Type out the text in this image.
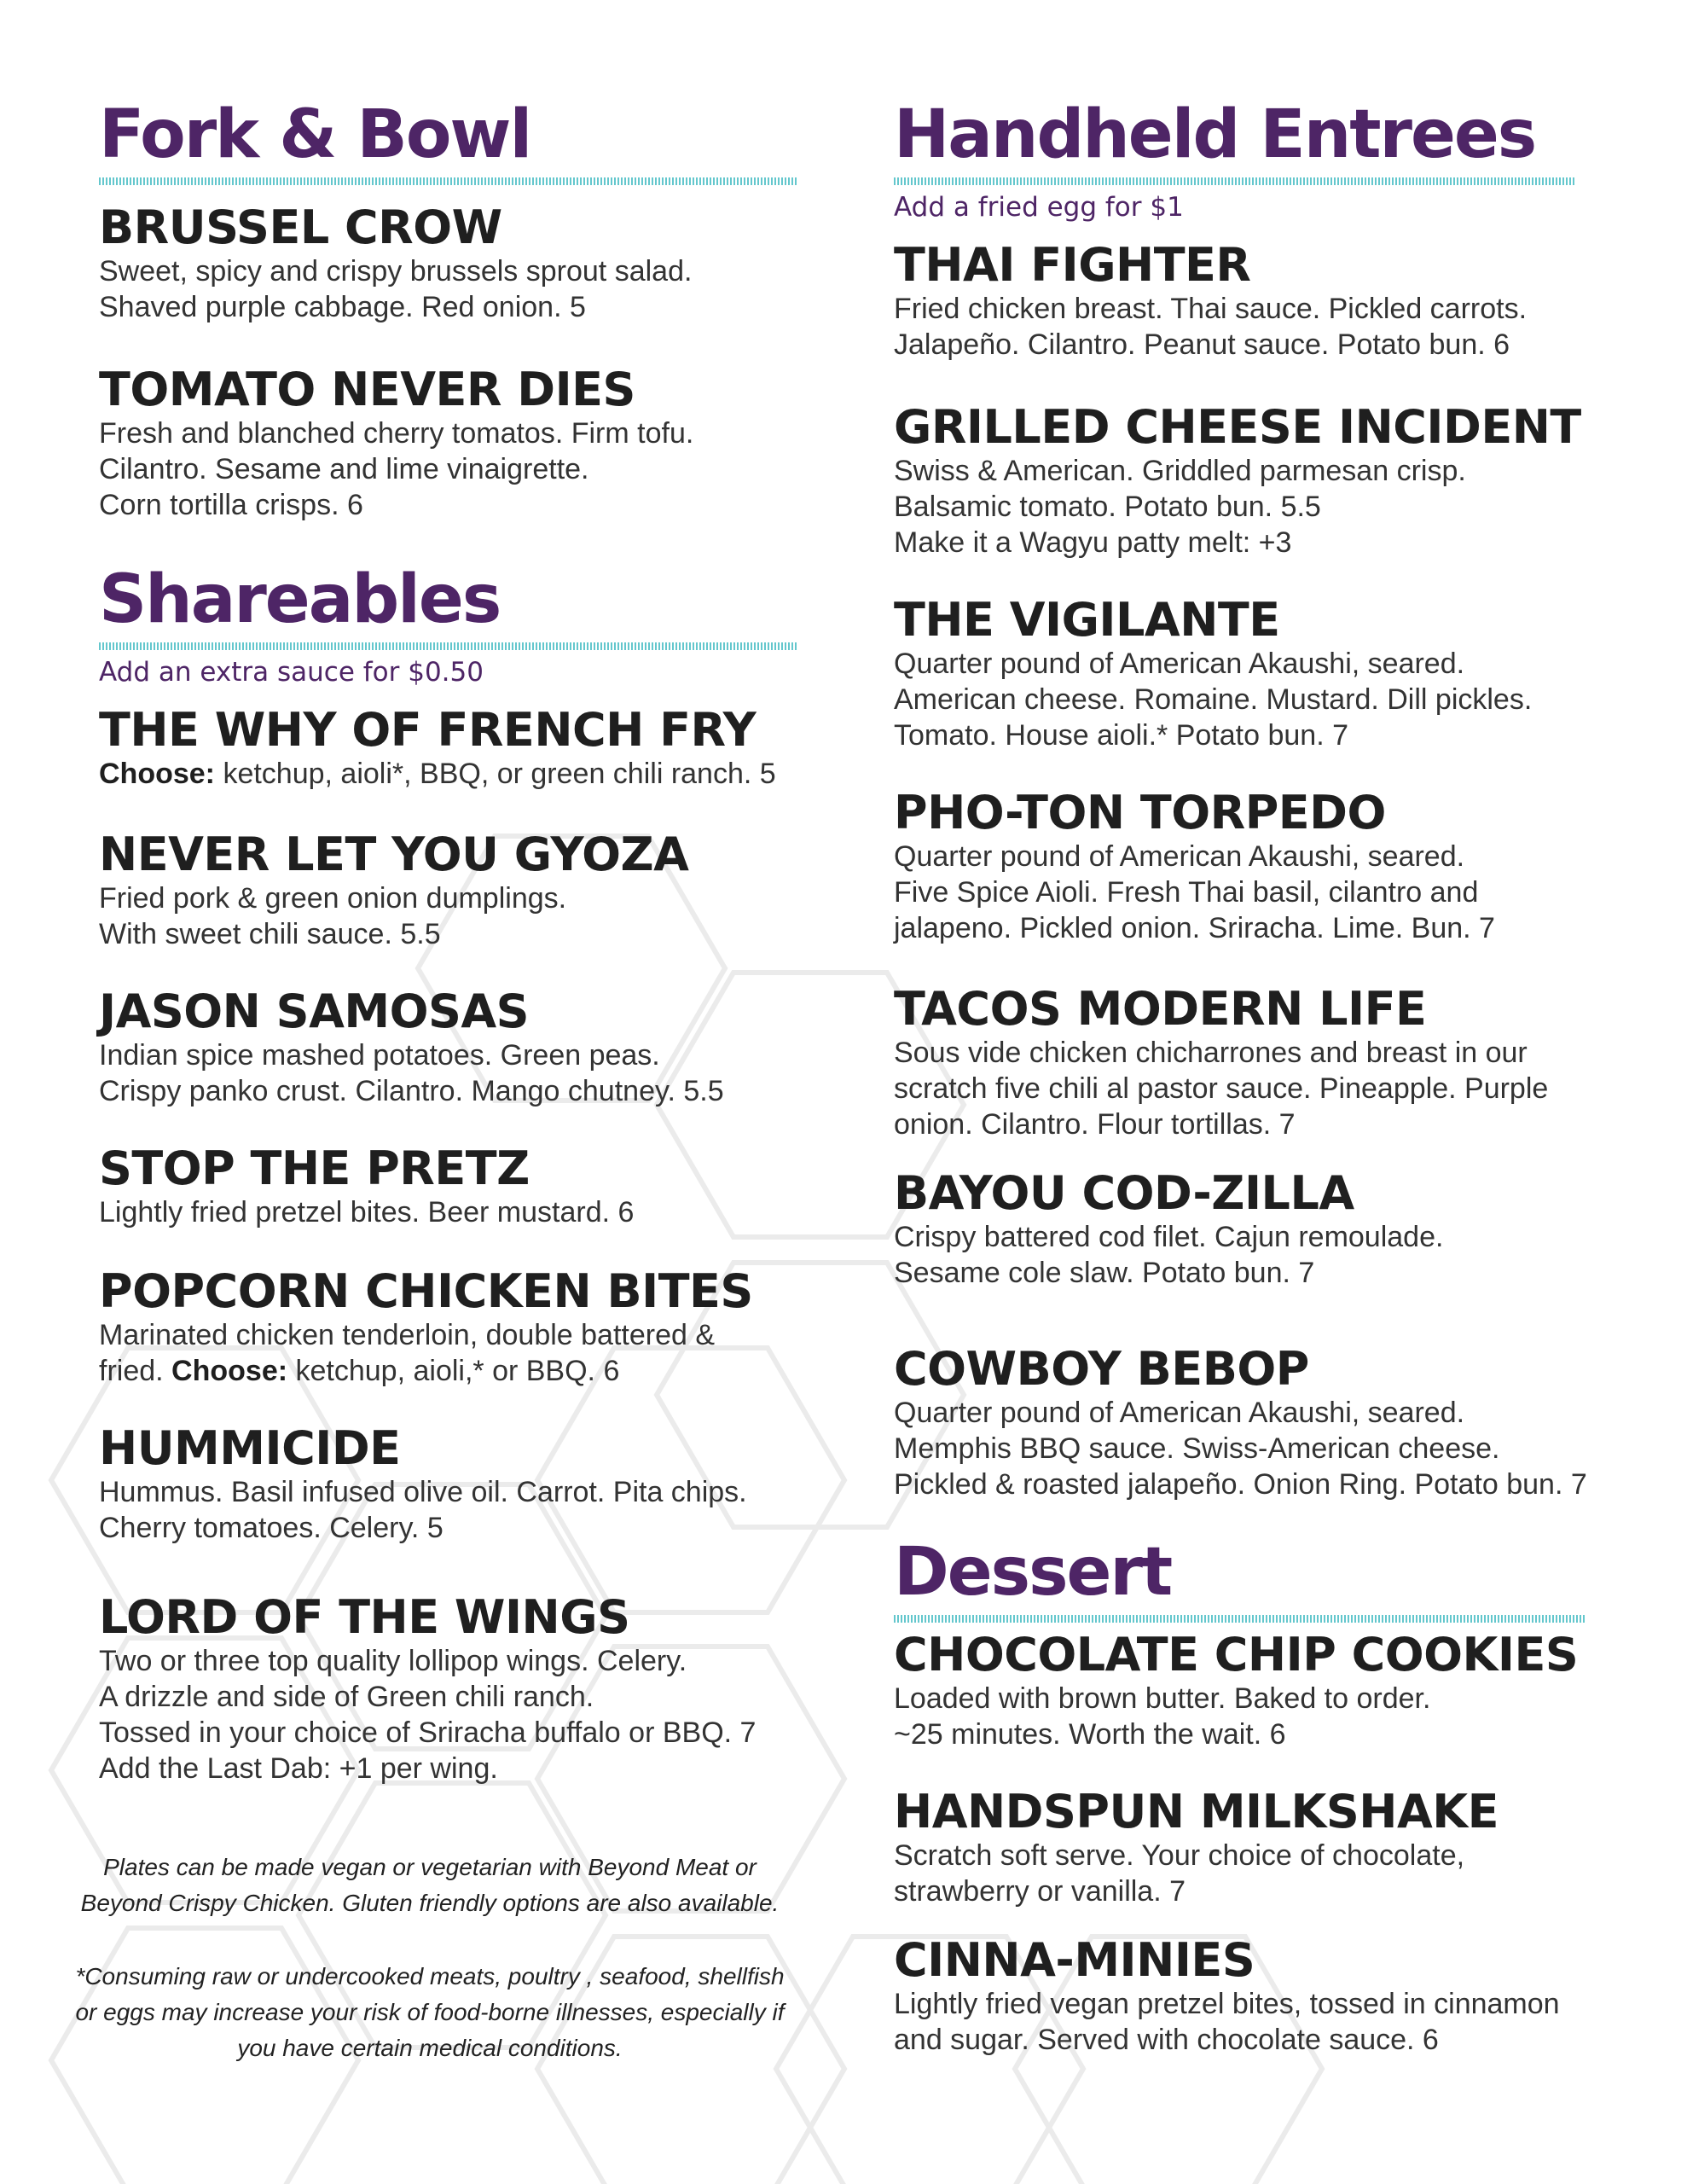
Fork & Bowl
BRUSSEL CROW
Sweet, spicy and crispy brussels sprout salad.
Shaved purple cabbage. Red onion. 5
TOMATO NEVER DIES
Fresh and blanched cherry tomatos. Firm tofu.
Cilantro. Sesame and lime vinaigrette.
Corn tortilla crisps. 6
Shareables
Add an extra sauce for $0.50
THE WHY OF FRENCH FRY
Choose: ketchup, aioli*, BBQ, or green chili ranch. 5
NEVER LET YOU GYOZA
Fried pork & green onion dumplings.
With sweet chili sauce. 5.5
JASON SAMOSAS
Indian spice mashed potatoes. Green peas.
Crispy panko crust. Cilantro. Mango chutney. 5.5
STOP THE PRETZ
Lightly fried pretzel bites. Beer mustard. 6
POPCORN CHICKEN BITES
Marinated chicken tenderloin, double battered &
fried. Choose: ketchup, aioli,* or BBQ. 6
HUMMICIDE
Hummus. Basil infused olive oil. Carrot. Pita chips.
Cherry tomatoes. Celery. 5
LORD OF THE WINGS
Two or three top quality lollipop wings. Celery.
A drizzle and side of Green chili ranch.
Tossed in your choice of Sriracha buffalo or BBQ. 7
Add the Last Dab: +1 per wing.

Plates can be made vegan or vegetarian with Beyond Meat or Beyond Crispy Chicken. Gluten friendly options are also available.

*Consuming raw or undercooked meats, poultry , seafood, shellfish or eggs may increase your risk of food-borne illnesses, especially if you have certain medical conditions.

Handheld Entrees
Add a fried egg for $1
THAI FIGHTER
Fried chicken breast. Thai sauce. Pickled carrots.
Jalapeño. Cilantro. Peanut sauce. Potato bun. 6
GRILLED CHEESE INCIDENT
Swiss & American. Griddled parmesan crisp.
Balsamic tomato. Potato bun. 5.5
Make it a Wagyu patty melt: +3
THE VIGILANTE
Quarter pound of American Akaushi, seared.
American cheese. Romaine. Mustard. Dill pickles.
Tomato. House aioli.* Potato bun. 7
PHO-TON TORPEDO
Quarter pound of American Akaushi, seared.
Five Spice Aioli. Fresh Thai basil, cilantro and
jalapeno. Pickled onion. Sriracha. Lime. Bun. 7
TACOS MODERN LIFE
Sous vide chicken chicharrones and breast in our
scratch five chili al pastor sauce. Pineapple. Purple
onion. Cilantro. Flour tortillas. 7
BAYOU COD-ZILLA
Crispy battered cod filet. Cajun remoulade.
Sesame cole slaw. Potato bun. 7
COWBOY BEBOP
Quarter pound of American Akaushi, seared.
Memphis BBQ sauce. Swiss-American cheese.
Pickled & roasted jalapeño. Onion Ring. Potato bun. 7
Dessert
CHOCOLATE CHIP COOKIES
Loaded with brown butter. Baked to order.
~25 minutes. Worth the wait. 6
HANDSPUN MILKSHAKE
Scratch soft serve. Your choice of chocolate,
strawberry or vanilla. 7
CINNA-MINIES
Lightly fried vegan pretzel bites, tossed in cinnamon
and sugar. Served with chocolate sauce. 6
